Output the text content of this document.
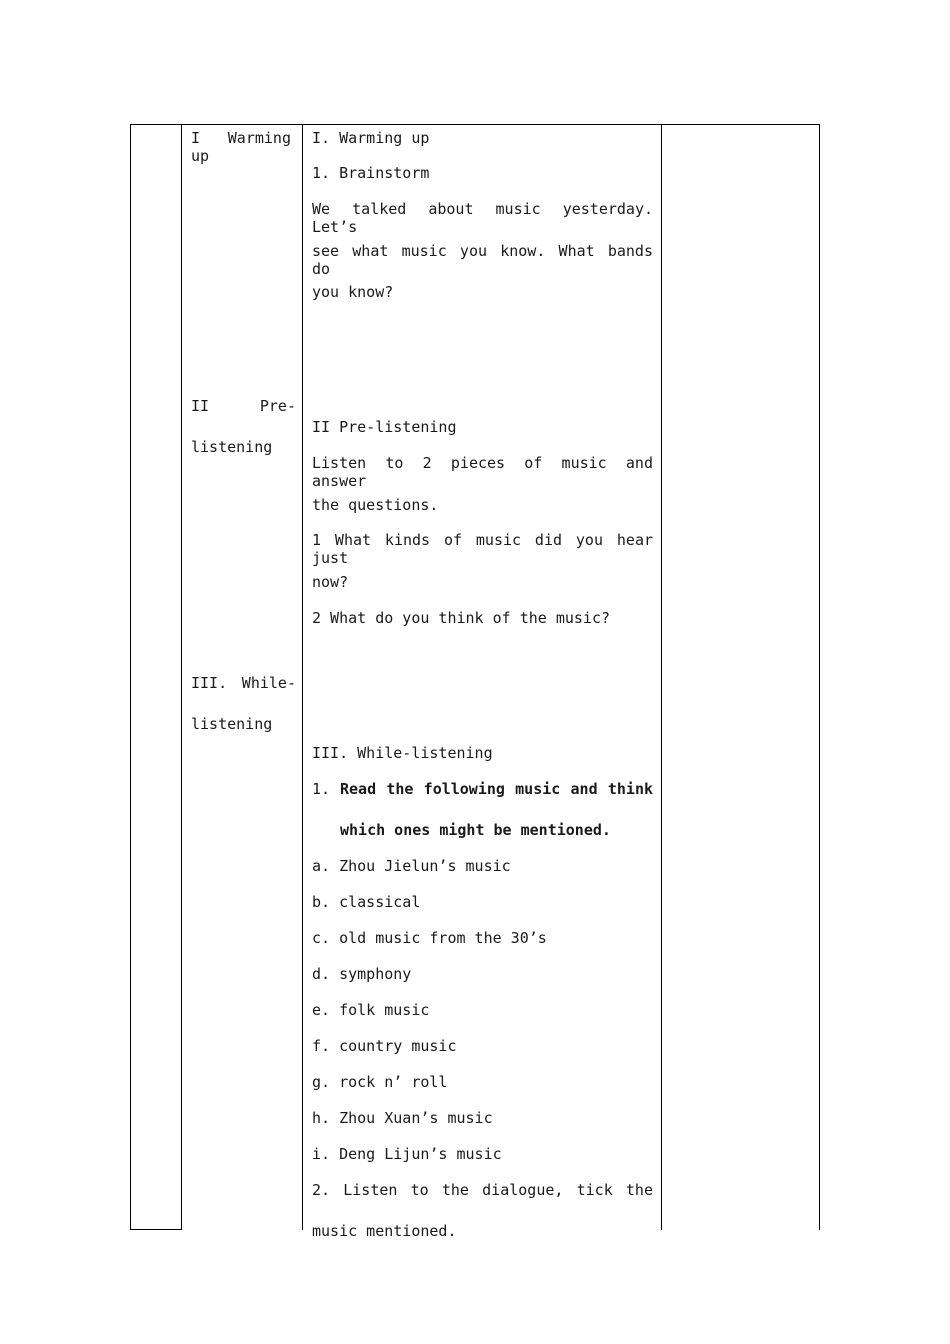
I Warming up
II Pre-
listening
III. While-
listening
I. Warming up
1. Brainstorm
We talked about music yesterday. Let’s
see what music you know. What bands do
you know?
II Pre-listening
Listen to 2 pieces of music and answer
the questions.
1 What kinds of music did you hear just
now?
2 What do you think of the music?
III. While-listening
1. Read the following music and think
which ones might be mentioned.
a. Zhou Jielun’s music
b. classical
c. old music from the 30’s
d. symphony
e. folk music
f. country music
g. rock n’ roll
h. Zhou Xuan’s music
i. Deng Lijun’s music
2. Listen to the dialogue, tick the
music mentioned.
